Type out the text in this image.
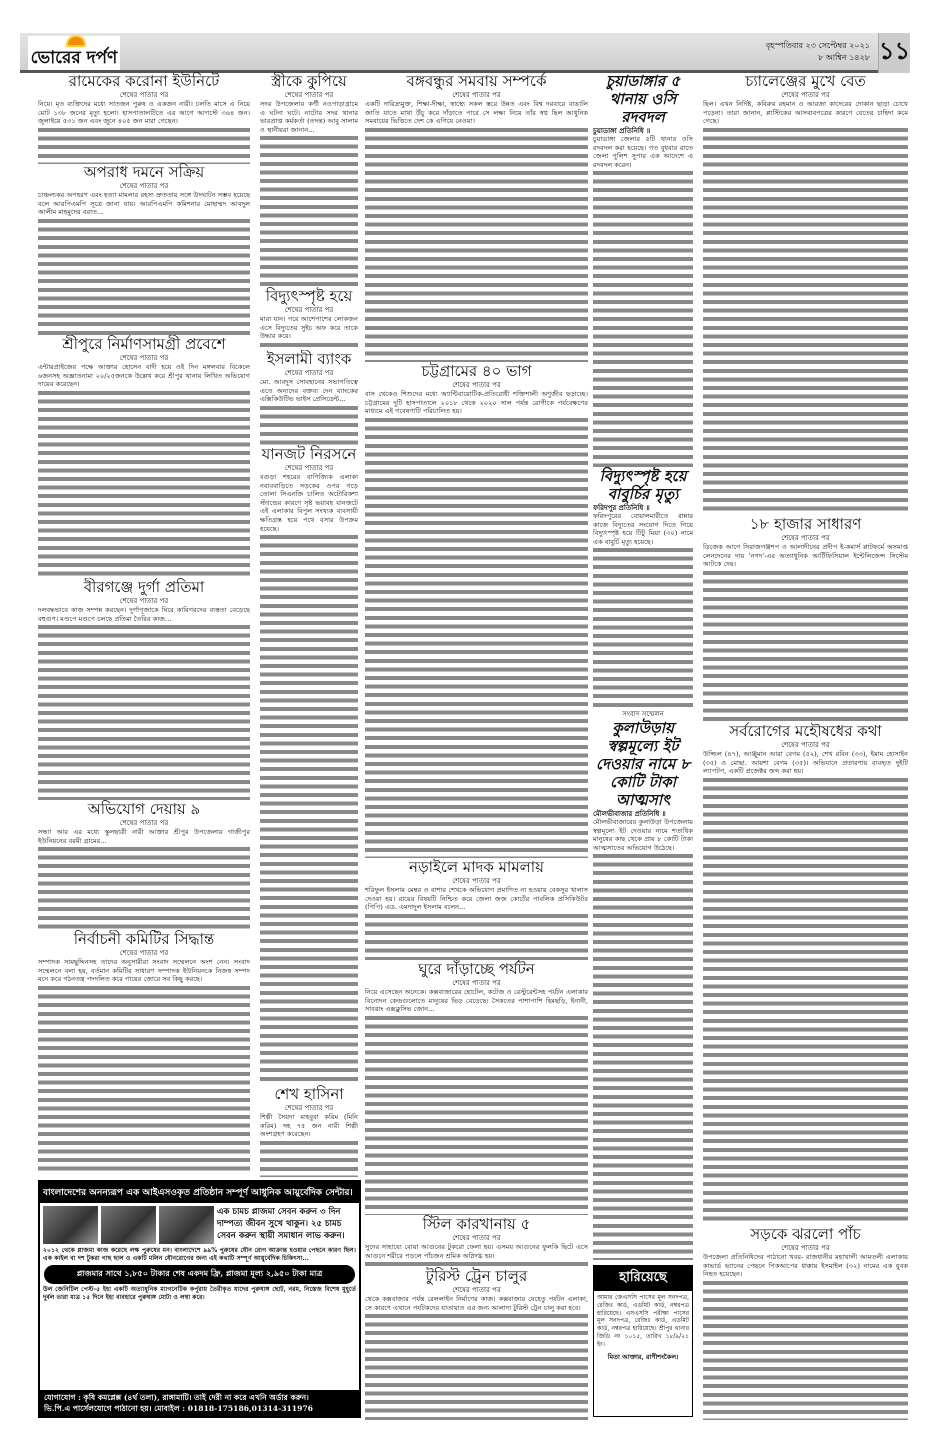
ভোরের দর্পণ
বৃহস্পতিবার ২৩ সেপ্টেম্বর ২০২১
৮ আশ্বিন ১৪২৮ ১১
রামেকের করোনা ইউনিটে
শেষের পাতার পর

নিয়ে। মৃত ব্যক্তিদের মধ্যে সাতজন পুরুষ ও একজন নারী। চলতি মাসে এ নিয়ে মোট ১৩৮ জনের মৃত্যু হলো। হাসপাতালটিতে এর আগে আগস্টে ৩৬৪ জন। জুলাইয়ে ৫৩১ জন এবং জুনে ৪০৫ জন মারা গেছেন।

অপরাধ দমনে সক্রিয়
শেষের পাতার পর

চাঞ্চল্যকর অপহরণ এবং হত্যা মামলার রহস্য দ্রুততার সঙ্গে উদঘাটন সম্ভব হয়েছে বলে আরপিএমপি সূত্রে জানা যায়। আরপিএমপি কমিশনার মোহাম্মদ আবদুল আলীম মাহমুদের বরাত...

শ্রীপুরে নির্মাণসামগ্রী প্রবেশে
শেষের পাতার পর

এন্টারপ্রাইজের পক্ষে আক্তার হোসেন বাদী হয়ে ওই দিন মঙ্গলবার বিকেলে ৬জনসহ অজ্ঞাতনামা ২০/২৫জনকে উল্লেখ করে শ্রীপুর থানায় লিখিত অভিযোগ দায়ের করেছেন।

বীরগঞ্জে দুর্গা প্রতিমা
শেষের পাতার পর

দলবদ্ধভাবে কাজ সম্পন্ন করছেন। দুর্গাপূজাকে ঘিরে কারিগরদের ব্যস্ততা বেড়েছে বহুগুণ। মণ্ডপে মণ্ডপে চলছে প্রতিমা তৈরির কাজ...

অভিযোগ দেয়ায় ৯
শেষের পাতার পর

সন্ধ্যা আর এর মধ্যে স্কুলছাত্রী নারী আক্তার শ্রীপুর উপজেলার গাজীপুর ইউনিয়নের বরমী গ্রামের...

নির্বাচনী কমিটির সিদ্ধান্ত
শেষের পাতার পর

সম্পাদক সামছুদ্দিনসহ তাদের অনুসারীরা সংবাদ সম্মেলনে অংশ নেন। সংবাদ সম্মেলনে বলা হয়, বর্তমান কমিটির সাধারণ সম্পাদক ইউনিয়নকে নিজস্ব সম্পদ মনে করে গঠনতন্ত্র পদদলিত করে গায়ের জোরে সব কিছু করছে।

স্ত্রীকে কুপিয়ে
শেষের পাতার পর

সদর উপজেলার কর্ণী নওপাড়াগ্রামে এ ঘটনা ঘটে। নাটোর সদর থানার ভারপ্রাপ্ত কর্মকর্তা (তদন্ত) আবু সালাম ও স্থানীয়রা জানান...

বিদ্যুৎস্পৃষ্ট হয়ে
শেষের পাতার পর

মারা যান। পরে আশেপাশের লোকজন এসে বিদ্যুতের সুইচ অফ করে তাকে উদ্ধার করে।

ইসলামী ব্যাংক
শেষের পাতার পর

মো. আবদুস সোবহানের সভাপতিত্বে এতে অন্যদের বক্তব্য দেন ব্যাংকের এক্সিকিউটিভ ভাইস প্রেসিডেন্ট...

যানজট নিরসনে
শেষের পাতার পর

বগুড়া শহরের বাণিজ্যিক এলাকা নবাববাড়িতে সড়কের ওপর গড়ে তোলা সিএনজি চালিত অটোরিকশা স্ট্যান্ডের কারণে সৃষ্ট ভয়াবহ যানজটে এই এলাকার বিপুল সংখ্যক ব্যবসায়ী ক্ষতিগ্রস্ত হয়ে পথে বসার উপক্রম হয়েছে।

শেখ হাসিনা
শেষের পাতার পর

শিল্পী সৈয়দা মাহবুবা করিম (মিনি করিম) সহ ৭৫ জন নারী শিল্পী অংশগ্রহণ করেছেন।

বঙ্গবন্ধুর সমবায় সম্পর্কে
শেষের পাতার পর

একটি দারিদ্র্যমুক্ত, শিক্ষা-দীক্ষা, স্বাস্থ্যে সকল স্তরে উন্নত এবং বিশ্ব দরবারে বাঙালি জাতি যাতে মাথা উঁচু করে দাঁড়াতে পারে সে লক্ষ্য নিয়ে তাঁর স্বপ্ন ছিল আধুনিক সমবায়ের ভিত্তিতে দেশ কে এগিয়ে নেওয়া।

চট্টগ্রামের ৪০ ভাগ
শেষের পাতার পর

বাস থেকেও শিশুদের মধ্যে অ্যান্টিবায়োটিক-প্রতিরোধী শক্তিশালী অণুজীব ছড়াচ্ছে। চট্টগ্রামের দুটি হাসপাতালে ২০১৮ থেকে ২০২০ সাল পর্যন্ত রোগীকে পর্যবেক্ষণের মাধ্যমে এই গবেষণাটি পরিচালিত হয়।

নড়াইলে মাদক মামলায়
শেষের পাতার পর

শরিফুল ইসলাম মেম্বর ও বাশার শেখকে অভিযোগ প্রমাণিত না হওয়ায় বেকসুর খালাস দেওয়া হয়। রায়ের বিষয়টি নিশ্চিত করে জেলা জজ কোর্টের পাবলিক প্রসিকিউটর (পিপি) এড. এমদাদুল ইসলাম বলেন...

ঘুরে দাঁড়াচ্ছে পর্যটন
শেষের পাতার পর

নিয়ে এসেছেন অনেকে। কক্সবাজারের হোটেল, কটেজ ও রেস্টুরেন্টসহ পর্যটন এলাকার বিনোদন কেন্দ্রগুলোতে মানুষের ভিড় বেড়েছে। সৈকতের পাশাপাশি হিমছড়ি, ইনানী, সাবরাং এক্সক্লুসিভ জোন...

স্টিল কারখানায় ৫
শেষের পাতার পর

সুদের সাহায্যে বোয়া আগুনের টুকরো ফেলা হয়। এসময় আগুনের ফুলকি ছিটে এসে আগুনে শরীরে পড়লে পাঁচজন শ্রমিক অগ্নিদগ্ধ হয়।

টুরিস্ট ট্রেন চালুর
শেষের পাতার পর

থেকে কক্সবাজার পর্যন্ত রেললাইন নির্মাণের কাজ। কক্সবাজার যেহেতু পর্যটন এলাকা, সে কারণে এখানে পর্যটকদের যাতায়াত এর জন্য আলাদা টুরিস্ট ট্রেন চালু করা হবে।

চুয়াডাঙ্গার ৫ থানায় ওসি রদবদল
চুয়াডাঙ্গা প্রতিনিধি ॥

চুয়াডাঙ্গা জেলার ৫টি থানার ওসি রদবদল করা হয়েছে। গত বুধবার রাতে জেলা পুলিশ সুপার এক আদেশে এ রদবদল করেন।

বিদ্যুৎস্পৃষ্ট হয়ে বাবুর্চির মৃত্যু
ফরিদপুর প্রতিনিধি ॥

ফরিদপুরের বোয়ালমারীতে রান্নার কাজে বিদ্যুতের সংযোগ দিতে গিয়ে বিদ্যুৎস্পৃষ্ট হয়ে টিটু মিয়া (৩০) নামে এক বাবুর্চি মৃত্যু হয়েছে।

সংবাদ সম্মেলন
কুলাউড়ায় স্বল্পমূল্যে ইট দেওয়ার নামে ৮ কোটি টাকা আত্মসাৎ
মৌলভীবাজার প্রতিনিধি ॥

মৌলভীবাজারের কুলাউড়া উপজেলায় স্বল্পমূল্যে ইট দেওয়ার নামে শতাধিক মানুষের কাছ থেকে প্রায় ৮ কোটি টাকা আত্মসাতের অভিযোগ উঠেছে।

চ্যালেঞ্জের মুখে বেত
শেষের পাতার পর

ছিল। এখন নির্দিষ্ট, কবিরুর রহমান ও আরজা কাদেরের দোকান ছাড়া চোখে পড়েনা। তারা জানান, প্লাস্টিকের আসবাবপত্রের কারণে বেতের চাহিদা কমে গেছে।

১৮ হাজার সাধারণ
শেষের পাতার পর

ডিজেক আগে সিরাজগঞ্জশপ ও আলাদীনের প্রদীপ ই-কমার্স প্লাটফর্মে অসমাপ্ত লেনদেনের দায় 'নগদ'-এর অত্যাধুনিক আর্টিফিসিয়াল ইন্টেলিজেন্স সিস্টেম আটকে দেয়।

সর্বরোগের মহৌষধের কথা
শেষের পাতার পর

উজ্জিল (৪৭), আঞ্জুমান আরা বেগম (৫২), শেখ রবিন (৩৩), ইমাম হোসাইন (৩৫) ও মোছা. আয়শা বেগম (৩৫)। অভিযানে প্রতারণায় ব্যবহৃত দুইটি ল্যাপটপ, একটি প্রজেক্টর জব্দ করা হয়।

সড়কে ঝরলো পাঁচ
শেষের পাতার পর

উপজেলা প্রতিনিধিদের পাঠানো খবর- রাজধানীর মহাখালী আমতলী এলাকায় কাভার্ড ভ্যানের পেছনে পিকআপের ধাক্কায় ইসমাইল (৩২) নামের এক যুবক নিহত হয়েছেন।

বাংলাদেশের অনন্যরূপ এক আইএসওকৃত প্রতিষ্ঠান সম্পূর্ণ আধুনিক আয়ুর্বেদিক সেন্টার।
এক চামচ প্লাজমা সেবন করুন ৩ দিন দাম্পত্য জীবন সুখে থাকুন। ২৫ চামচ সেবন করুন স্থায়ী সমাধান লাভ করুন।
২০১২ থেকে প্লাজমা কাজ করেছে লক্ষ পুরুষের মন। বাংলাদেশে ৯৯% পুরুষের যৌন রোগ আক্রান্ত হওয়ার পেছনে কারণ ছিল। এক কাইল বা দশ টুকরা গাছ ছাল ও একটি মলিন যৌনরোগের জন্য এই কথাটি সম্পূর্ণ আয়ুর্বেদিক চিকিৎসা...
প্লাজমার সাথে ১,৮৫০ টাকার শেষ একদম ফ্রি, প্লাজমা মূল্য ২,৯৫০ টাকা মাত্র
উল জেনিটিল পেস্ট-৫ ইহা একটি অত্যাধুনিক ম্যাগনেটিক কর্পুরায় তৈরীকৃত যাদের পুরুষাঙ্গ ছোট, নরম, নিস্তেজ বিশেষ মুহূর্তে দুর্বল তারা মাত্র ১৫ দিনে ইহা ব্যবহারে পুরুষাঙ্গ মোটা ও লম্বা করে।
যোগাযোগ : কৃষি কমপ্লেক্স (৪র্থ তলা), রাঙ্গামাটি। তাই দেরী না করে এখনি অর্ডার করুন।
ভি.পি.এ পার্সেলযোগে পাঠানো হয়। মোবাইল : 01818-175186,01314-311976
হারিয়েছে

আমার জেএসসি পাসের মূল সনদপত্র, রেজিঃ কার্ড, এডমিট কার্ড, নম্বরপত্র হারিয়েছে। এসএসসি পরীক্ষা পাসের মূল সনদপত্র, রেজিঃ কার্ড, এডমিট কার্ড, নম্বরপত্র হারিয়েছে। শ্রীপুর থানার জিডি নং ১০১৫, তারিখ ১৮/৯/২১ ইং।

মিতা আক্তার, রাণীশংকৈল।
